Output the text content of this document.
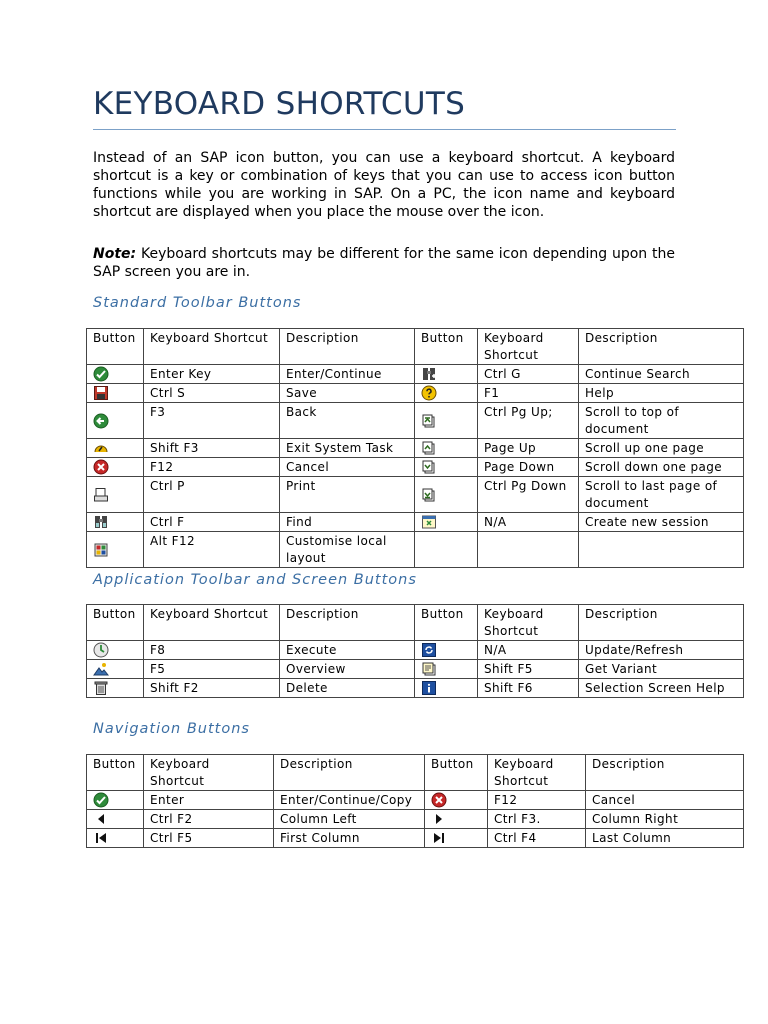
KEYBOARD SHORTCUTS
Instead of an SAP icon button, you can use a keyboard shortcut. A keyboard shortcut is a key or combination of keys that you can use to access icon button functions while you are working in SAP. On a PC, the icon name and keyboard shortcut are displayed when you place the mouse over the icon.
Note: Keyboard shortcuts may be different for the same icon depending upon the SAP screen you are in.
Standard Toolbar Buttons
Button	Keyboard Shortcut	Description	Button	Keyboard Shortcut	Description

	Enter Key	Enter/Continue		Ctrl G	Continue Search

	Ctrl S	Save		F1	Help

	F3	Back		Ctrl Pg Up;	Scroll to top of document

	Shift F3	Exit System Task		Page Up	Scroll up one page

	F12	Cancel		Page Down	Scroll down one page

	Ctrl P	Print		Ctrl Pg Down	Scroll to last page of document

	Ctrl F	Find		N/A	Create new session

	Alt F12	Customise local layout			
Application Toolbar and Screen Buttons
Button	Keyboard Shortcut	Description	Button	Keyboard Shortcut	Description

	F8	Execute		N/A	Update/Refresh

	F5	Overview		Shift F5	Get Variant

	Shift F2	Delete		Shift F6	Selection Screen Help
Navigation Buttons
Button	Keyboard Shortcut	Description	Button	Keyboard Shortcut	Description

	Enter	Enter/Continue/Copy		F12	Cancel

	Ctrl F2	Column Left		Ctrl F3.	Column Right

	Ctrl F5	First Column		Ctrl F4	Last Column
